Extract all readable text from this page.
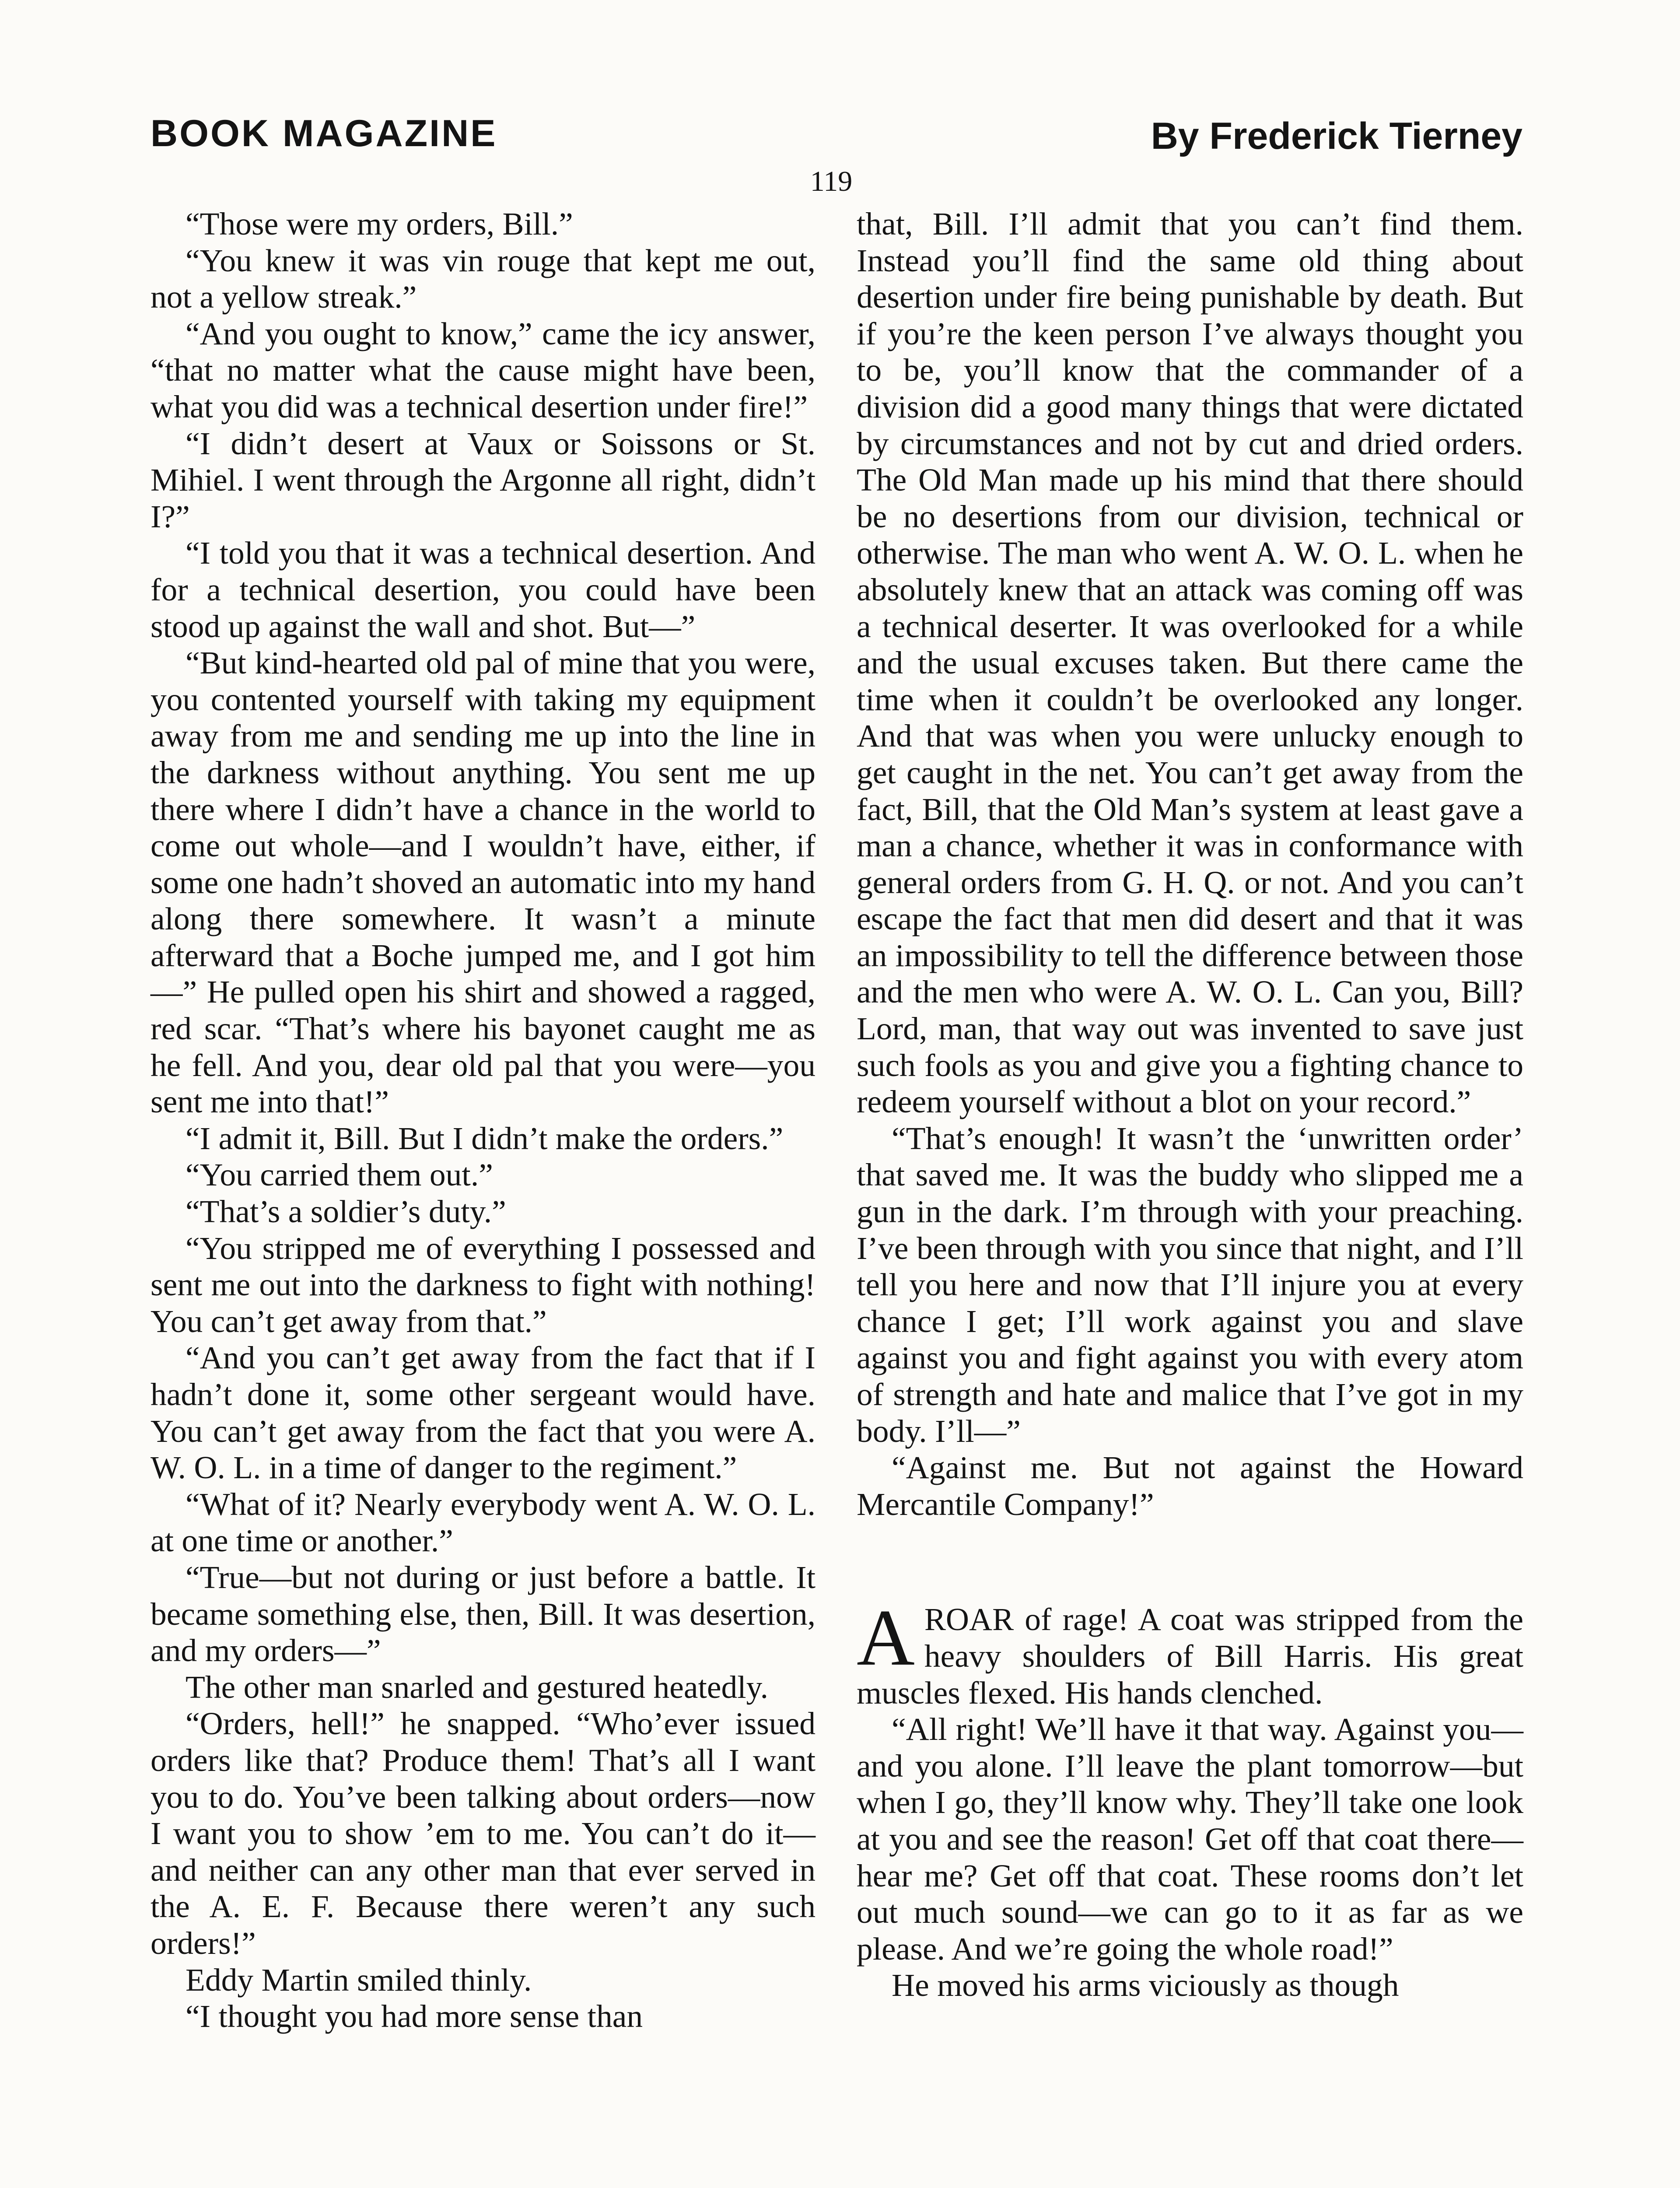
BOOK MAGAZINE	By Frederick Tierney
119

“Those were my orders, Bill.”

“You knew it was vin rouge that kept me out, not a yellow streak.”

“And you ought to know,” came the icy answer, “that no matter what the cause might have been, what you did was a technical desertion under fire!”

“I didn’t desert at Vaux or Soissons or St. Mihiel. I went through the Argonne all right, didn’t I?”

“I told you that it was a technical desertion. And for a technical desertion, you could have been stood up against the wall and shot. But—”

“But kind-hearted old pal of mine that you were, you contented yourself with taking my equipment away from me and sending me up into the line in the darkness without anything. You sent me up there where I didn’t have a chance in the world to come out whole—and I wouldn’t have, either, if some one hadn’t shoved an automatic into my hand along there somewhere. It wasn’t a minute afterward that a Boche jumped me, and I got him—” He pulled open his shirt and showed a ragged, red scar. “That’s where his bayonet caught me as he fell. And you, dear old pal that you were—you sent me into that!”

“I admit it, Bill. But I didn’t make the orders.”

“You carried them out.”

“That’s a soldier’s duty.”

“You stripped me of everything I possessed and sent me out into the darkness to fight with nothing! You can’t get away from that.”

“And you can’t get away from the fact that if I hadn’t done it, some other sergeant would have. You can’t get away from the fact that you were A. W. O. L. in a time of danger to the regiment.”

“What of it? Nearly everybody went A. W. O. L. at one time or another.”

“True—but not during or just before a battle. It became something else, then, Bill. It was desertion, and my orders—”

The other man snarled and gestured heatedly.

“Orders, hell!” he snapped. “Who’ever issued orders like that? Produce them! That’s all I want you to do. You’ve been talking about orders—now I want you to show ’em to me. You can’t do it—and neither can any other man that ever served in the A. E. F. Because there weren’t any such orders!”

Eddy Martin smiled thinly.

“I thought you had more sense than

that, Bill. I’ll admit that you can’t find them. Instead you’ll find the same old thing about desertion under fire being punishable by death. But if you’re the keen person I’ve always thought you to be, you’ll know that the commander of a division did a good many things that were dictated by circumstances and not by cut and dried orders. The Old Man made up his mind that there should be no desertions from our division, technical or otherwise. The man who went A. W. O. L. when he absolutely knew that an attack was coming off was a technical deserter. It was overlooked for a while and the usual excuses taken. But there came the time when it couldn’t be overlooked any longer. And that was when you were unlucky enough to get caught in the net. You can’t get away from the fact, Bill, that the Old Man’s system at least gave a man a chance, whether it was in conformance with general orders from G. H. Q. or not. And you can’t escape the fact that men did desert and that it was an impossibility to tell the difference between those and the men who were A. W. O. L. Can you, Bill? Lord, man, that way out was invented to save just such fools as you and give you a fighting chance to redeem yourself without a blot on your record.”

“That’s enough! It wasn’t the ‘unwritten order’ that saved me. It was the buddy who slipped me a gun in the dark. I’m through with your preaching. I’ve been through with you since that night, and I’ll tell you here and now that I’ll injure you at every chance I get; I’ll work against you and slave against you and fight against you with every atom of strength and hate and malice that I’ve got in my body. I’ll—”

“Against me. But not against the Howard Mercantile Company!”

AROAR of rage! A coat was stripped from the heavy shoulders of Bill Harris. His great muscles flexed. His hands clenched.

“All right! We’ll have it that way. Against you—and you alone. I’ll leave the plant tomorrow—but when I go, they’ll know why. They’ll take one look at you and see the reason! Get off that coat there—hear me? Get off that coat. These rooms don’t let out much sound—we can go to it as far as we please. And we’re going the whole road!”

He moved his arms viciously as though
